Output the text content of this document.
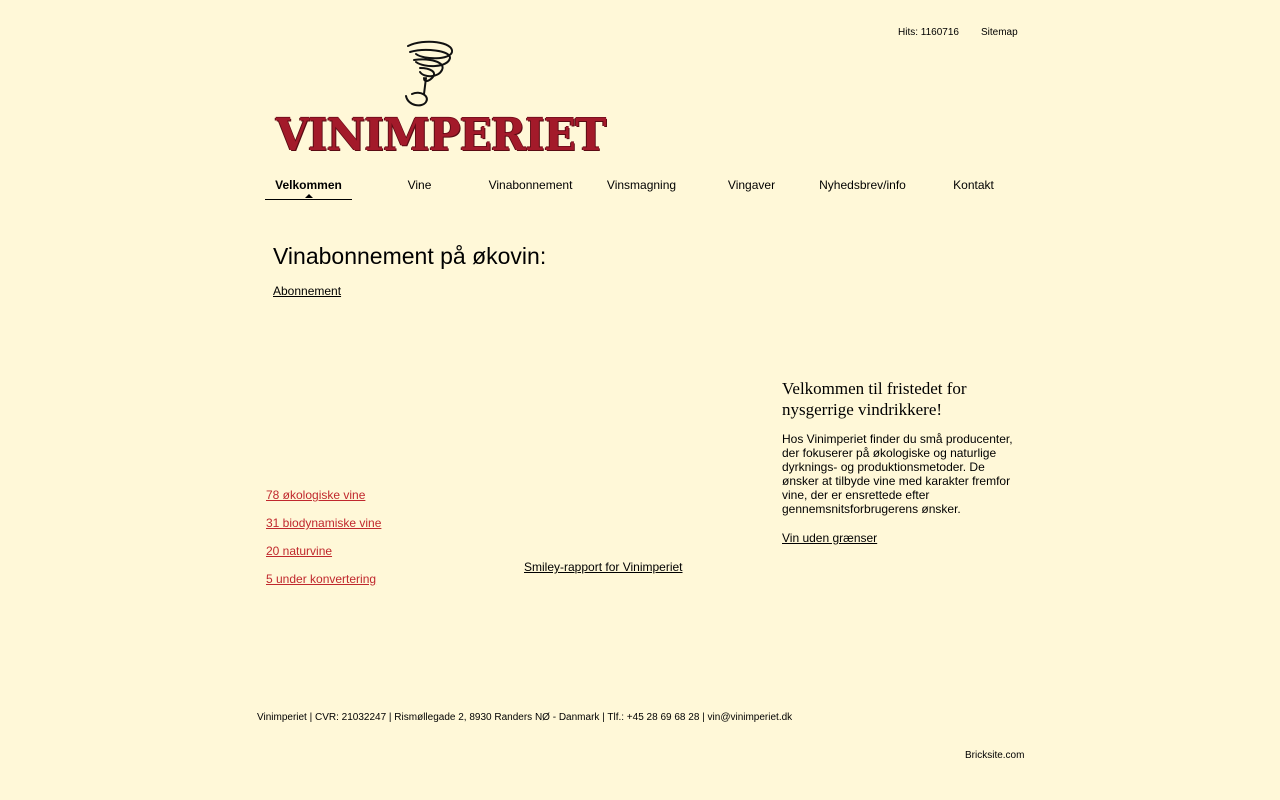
Hits: 1160716 Sitemap
VINIMPERIET
Velkommen	Vine	Vinabonnement	Vinsmagning	Vingaver	Nyhedsbrev/info	Kontakt
Vinabonnement på økovin:
Abonnement
78 økologiske vine
31 biodynamiske vine
20 naturvine
5 under konvertering
Smiley-rapport for Vinimperiet
Velkommen til fristedet for nysgerrige vindrikkere!

Hos Vinimperiet finder du små producenter, der fokuserer på økologiske og naturlige dyrknings- og produktionsmetoder. De ønsker at tilbyde vine med karakter fremfor vine, der er ensrettede efter gennemsnitsforbrugerens ønsker.

Vin uden grænser
Vinimperiet | CVR: 21032247 | Rismøllegade 2, 8930 Randers NØ - Danmark | Tlf.: +45 28 69 68 28 | vin@vinimperiet.dk
Bricksite.com
